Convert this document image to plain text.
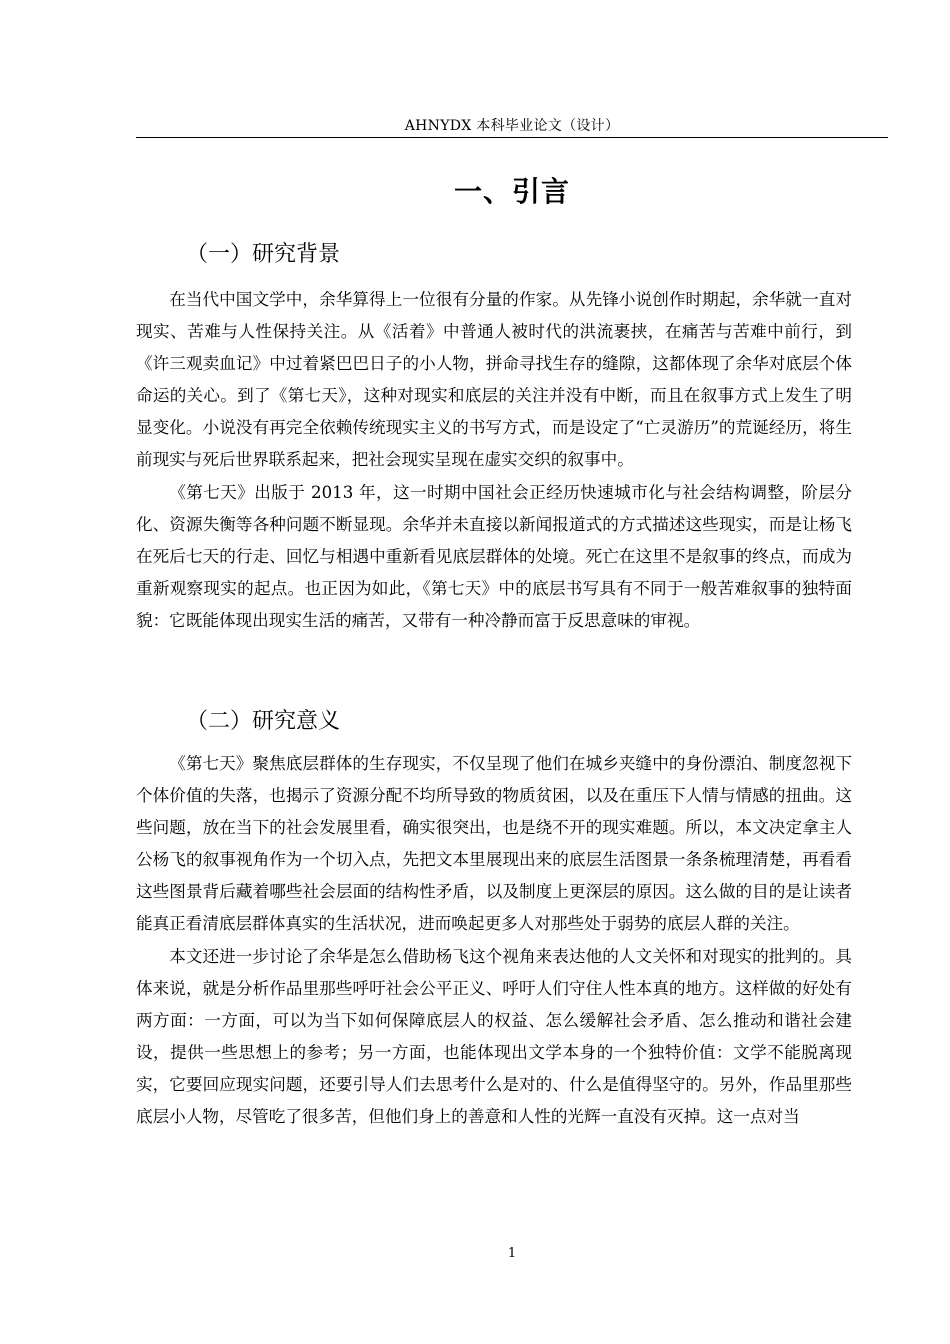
AHNYDX 本科毕业论文（设计）
一、引言
（一）研究背景

在当代中国文学中，余华算得上一位很有分量的作家。从先锋小说创作时期起，余华就一直对现实、苦难与人性保持关注。从《活着》中普通人被时代的洪流裹挟，在痛苦与苦难中前行，到《许三观卖血记》中过着紧巴巴日子的小人物，拼命寻找生存的缝隙，这都体现了余华对底层个体命运的关心。到了《第七天》，这种对现实和底层的关注并没有中断，而且在叙事方式上发生了明显变化。小说没有再完全依赖传统现实主义的书写方式，而是设定了“亡灵游历”的荒诞经历，将生前现实与死后世界联系起来，把社会现实呈现在虚实交织的叙事中。

《第七天》出版于 2013 年，这一时期中国社会正经历快速城市化与社会结构调整，阶层分化、资源失衡等各种问题不断显现。余华并未直接以新闻报道式的方式描述这些现实，而是让杨飞在死后七天的行走、回忆与相遇中重新看见底层群体的处境。死亡在这里不是叙事的终点，而成为重新观察现实的起点。也正因为如此，《第七天》中的底层书写具有不同于一般苦难叙事的独特面貌：它既能体现出现实生活的痛苦，又带有一种冷静而富于反思意味的审视。

（二）研究意义

《第七天》聚焦底层群体的生存现实，不仅呈现了他们在城乡夹缝中的身份漂泊、制度忽视下个体价值的失落，也揭示了资源分配不均所导致的物质贫困，以及在重压下人情与情感的扭曲。这些问题，放在当下的社会发展里看，确实很突出，也是绕不开的现实难题。所以，本文决定拿主人公杨飞的叙事视角作为一个切入点，先把文本里展现出来的底层生活图景一条条梳理清楚，再看看这些图景背后藏着哪些社会层面的结构性矛盾，以及制度上更深层的原因。这么做的目的是让读者能真正看清底层群体真实的生活状况，进而唤起更多人对那些处于弱势的底层人群的关注。

本文还进一步讨论了余华是怎么借助杨飞这个视角来表达他的人文关怀和对现实的批判的。具体来说，就是分析作品里那些呼吁社会公平正义、呼吁人们守住人性本真的地方。这样做的好处有两方面：一方面，可以为当下如何保障底层人的权益、怎么缓解社会矛盾、怎么推动和谐社会建设，提供一些思想上的参考；另一方面，也能体现出文学本身的一个独特价值：文学不能脱离现实，它要回应现实问题，还要引导人们去思考什么是对的、什么是值得坚守的。另外，作品里那些底层小人物，尽管吃了很多苦，但他们身上的善意和人性的光辉一直没有灭掉。这一点对当

1
